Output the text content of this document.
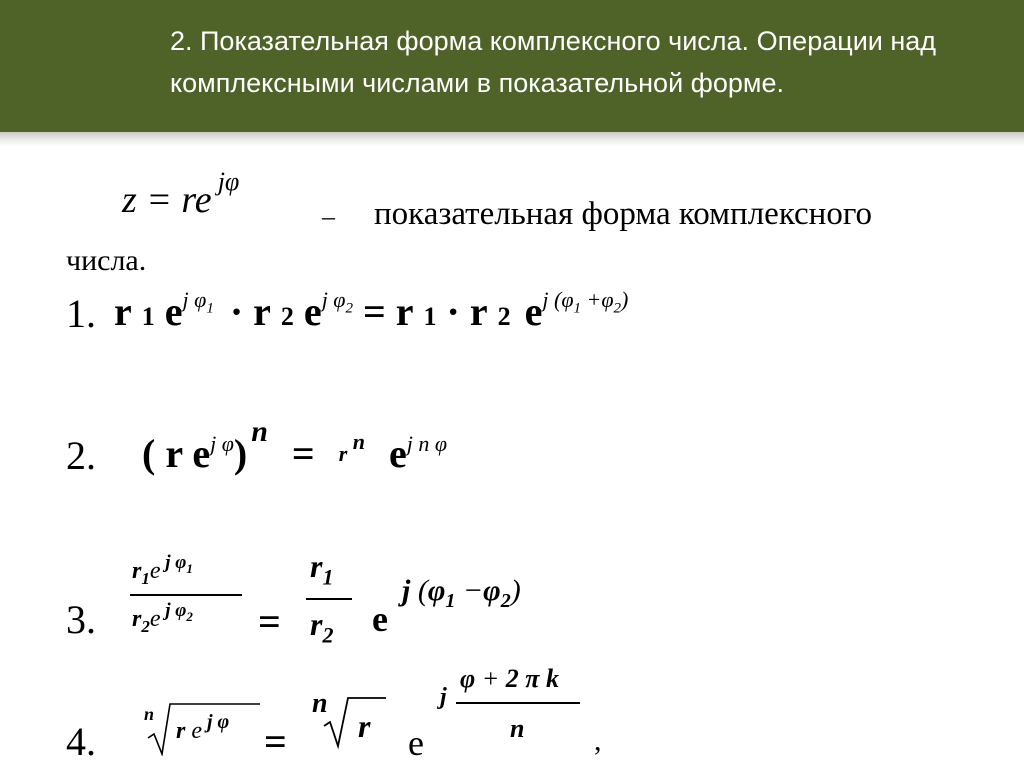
2. Показательная форма комплексного числа. Операции над комплексными числами в показательной форме.
z = re $^{j\varphi}$
– показательная форма комплексного
числа.
1. r 1 $e^{j \varphi_1} \cdot r$ 2 $e^{j \varphi_2} = r$ 1 · r 2 $e^{j (\varphi_1 +\varphi_2)}$
2. ( r $e^{j \varphi}$) $^n$ = r $^n$ $e^{j n \varphi}$
3.
$r_1e$ $^{j \varphi_1}$
$r_2e$ $^{j \varphi_2}$ =
$r_1$
$r_2$ e
j $(\varphi_1 -\varphi_2)$
4.
n
r e $^{j \varphi}$ =
n
r e
j
φ + 2 π k
n ,
